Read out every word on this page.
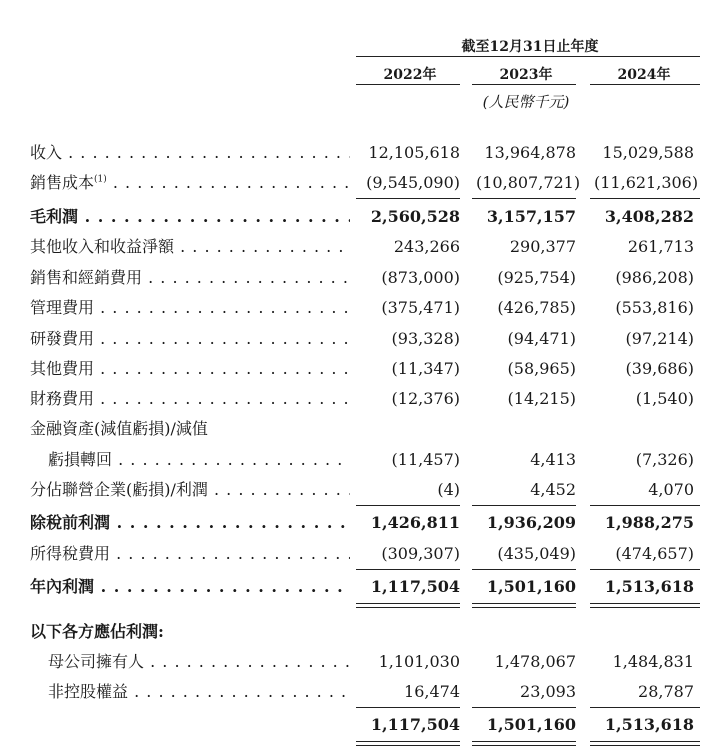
截至12月31日止年度
2022年	2023年	2024年
(人民幣千元)
收入 . . .	12,105,618	13,964,878	15,029,588
銷售成本$^{(1)}$ . . .	(9,545,090) (10,807,721) (11,621,306)
毛利潤 . . .	2,560,528	3,157,157	3,408,282
其他收入和收益淨額 . . .	243,266	290,377	261,713
銷售和經銷費用 . . .	(873,000)	(925,754)	(986,208)
管理費用 . . .	(375,471)	(426,785)	(553,816)
研發費用 . . .	(93,328)	(94,471)	(97,214)
其他費用 . . .	(11,347)	(58,965)	(39,686)
財務費用 . . .	(12,376)	(14,215)	(1,540)
金融資產(減值虧損)/減值
虧損轉回 . . .	(11,457)	4,413	(7,326)
分佔聯營企業(虧損)/利潤 . . .	(4)	4,452	4,070
除稅前利潤 . . .	1,426,811	1,936,209	1,988,275
所得稅費用 . . .	(309,307)	(435,049)	(474,657)
年內利潤 . . .	1,117,504	1,501,160	1,513,618
以下各方應佔利潤:
母公司擁有人 . . .	1,101,030	1,478,067	1,484,831
非控股權益 . . .	16,474	23,093	28,787
1,117,504	1,501,160	1,513,618
